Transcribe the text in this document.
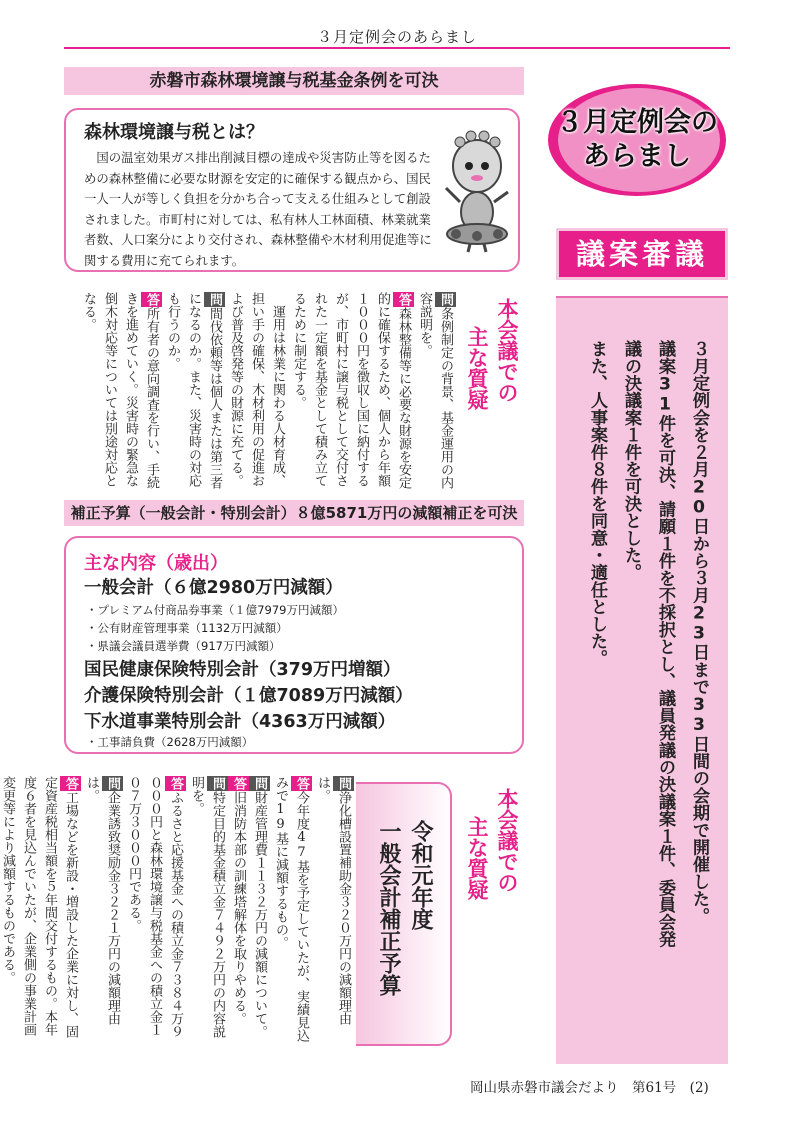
３月定例会のあらまし
３月定例会の
あらまし
議案審議
３月定例会を２月20日から３月23日まで33日間の会期で開催した。
議案31件を可決、請願１件を不採択とし、議員発議の決議案１件、委員会発
議の決議案１件を可決とした。
また、人事案件８件を同意・適任とした。
赤磐市森林環境譲与税基金条例を可決
森林環境譲与税とは？
国の温室効果ガス排出削減目標の達成や災害防止等を図るための森林整備に必要な財源を安定的に確保する観点から、国民一人一人が等しく負担を分かち合って支える仕組みとして創設されました。市町村に対しては、私有林人工林面積、林業就業者数、人口案分により交付され、森林整備や木材利用促進等に関する費用に充てられます。
本会議での
主な質疑
問条例制定の背景、基金運用の内容説明を。
答森林整備等に必要な財源を安定的に確保するため、個人から年額１０００円を徴収し国に納付するが、市町村に譲与税として交付された一定額を基金として積み立てるために制定する。
運用は林業に関わる人材育成、担い手の確保、木材利用の促進および普及啓発等の財源に充てる。
問間伐依頼等は個人または第三者になるのか。また、災害時の対応も行うのか。
答所有者の意向調査を行い、手続きを進めていく。災害時の緊急な倒木対応等については別途対応となる。
補正予算（一般会計・特別会計）８億5871万円の減額補正を可決
主な内容（歳出）
一般会計（６億2980万円減額）
・プレミアム付商品券事業（１億7979万円減額）
・公有財産管理事業（1132万円減額）
・県議会議員選挙費（917万円減額）
国民健康保険特別会計（379万円増額）
介護保険特別会計（１億7089万円減額）
下水道事業特別会計（4363万円減額）
・工事請負費（2628万円減額）
令和元年度
一般会計補正予算	本会議での
主な質疑
問浄化槽設置補助金３２０万円の減額理由は。
答今年度47基を予定していたが、実績見込みで19基に減額するもの。
問財産管理費１１３２万円の減額について。
答旧消防本部の訓練塔解体を取りやめる。
問特定目的基金積立金７４９２万円の内容説明を。
答ふるさと応援基金への積立金７３８４万９０００円と森林環境譲与税基金への積立金１０７万３０００円である。
問企業誘致奨励金３２２１万円の減額理由は。
答工場などを新設・増設した企業に対し、固定資産税相当額を５年間交付するもの。本年度６者を見込んでいたが、企業側の事業計画変更等により減額するものである。
岡山県赤磐市議会だより　第61号　(2)
